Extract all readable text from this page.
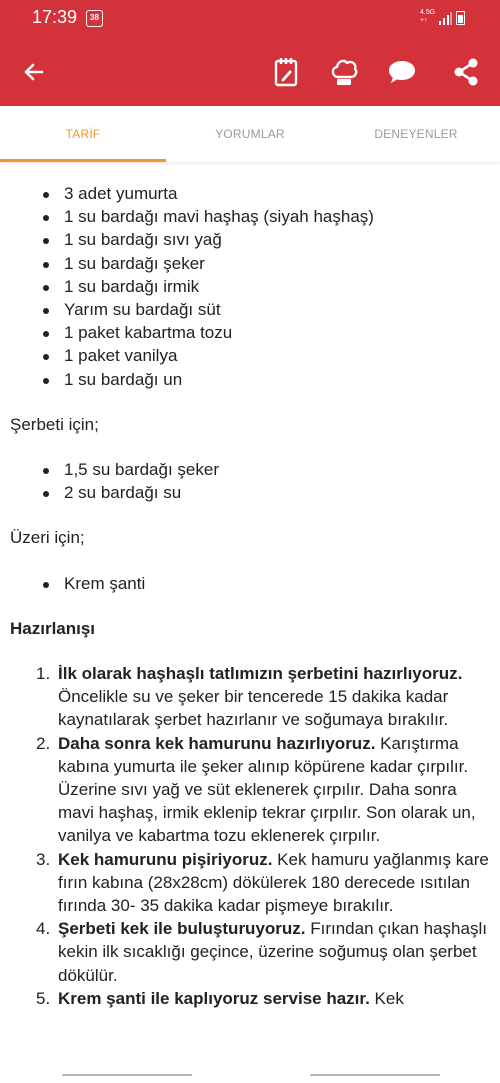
17:39	38
4.5G
+↑
TARİF	YORUMLAR	DENEYENLER
3 adet yumurta
1 su bardağı mavi haşhaş (siyah haşhaş)
1 su bardağı sıvı yağ
1 su bardağı şeker
1 su bardağı irmik
Yarım su bardağı süt
1 paket kabartma tozu
1 paket vanilya
1 su bardağı un

Şerbeti için;

1,5 su bardağı şeker
2 su bardağı su

Üzeri için;

Krem şanti

Hazırlanışı

1. İlk olarak haşhaşlı tatlımızın şerbetini hazırlıyoruz. Öncelikle su ve şeker bir tencerede 15 dakika kadar kaynatılarak şerbet hazırlanır ve soğumaya bırakılır.
2. Daha sonra kek hamurunu hazırlıyoruz. Karıştırma kabına yumurta ile şeker alınıp köpürene kadar çırpılır. Üzerine sıvı yağ ve süt eklenerek çırpılır. Daha sonra mavi haşhaş, irmik eklenip tekrar çırpılır. Son olarak un, vanilya ve kabartma tozu eklenerek çırpılır.
3. Kek hamurunu pişiriyoruz. Kek hamuru yağlanmış kare fırın kabına (28x28cm) dökülerek 180 derecede ısıtılan fırında 30- 35 dakika kadar pişmeye bırakılır.
4. Şerbeti kek ile buluşturuyoruz. Fırından çıkan haşhaşlı kekin ilk sıcaklığı geçince, üzerine soğumuş olan şerbet dökülür.
5. Krem şanti ile kaplıyoruz servise hazır. Kek
